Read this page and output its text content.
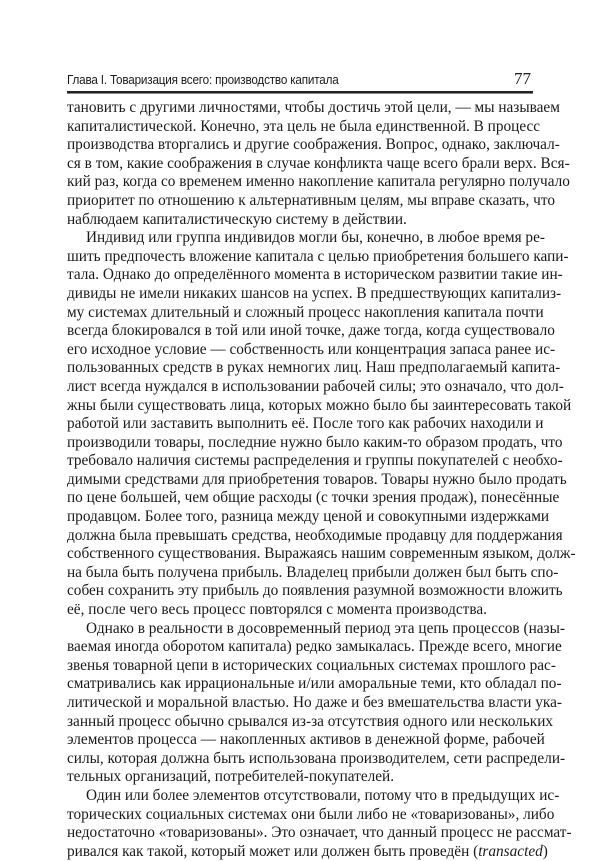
Глава I. Товаризация всего: производство капитала	77
тановить с другими личностями, чтобы достичь этой цели, — мы называем
капиталистической. Конечно, эта цель не была единственной. В процесс
производства вторгались и другие соображения. Вопрос, однако, заключал-
ся в том, какие соображения в случае конфликта чаще всего брали верх. Вся-
кий раз, когда со временем именно накопление капитала регулярно получало
приоритет по отношению к альтернативным целям, мы вправе сказать, что
наблюдаем капиталистическую систему в действии.
Индивид или группа индивидов могли бы, конечно, в любое время ре-
шить предпочесть вложение капитала с целью приобретения большего капи-
тала. Однако до определённого момента в историческом развитии такие ин-
дивиды не имели никаких шансов на успех. В предшествующих капитализ-
му системах длительный и сложный процесс накопления капитала почти
всегда блокировался в той или иной точке, даже тогда, когда существовало
его исходное условие — собственность или концентрация запаса ранее ис-
пользованных средств в руках немногих лиц. Наш предполагаемый капита-
лист всегда нуждался в использовании рабочей силы; это означало, что дол-
жны были существовать лица, которых можно было бы заинтересовать такой
работой или заставить выполнить её. После того как рабочих находили и
производили товары, последние нужно было каким-то образом продать, что
требовало наличия системы распределения и группы покупателей с необхо-
димыми средствами для приобретения товаров. Товары нужно было продать
по цене большей, чем общие расходы (с точки зрения продаж), понесённые
продавцом. Более того, разница между ценой и совокупными издержками
должна была превышать средства, необходимые продавцу для поддержания
собственного существования. Выражаясь нашим современным языком, долж-
на была быть получена прибыль. Владелец прибыли должен был быть спо-
собен сохранить эту прибыль до появления разумной возможности вложить
её, после чего весь процесс повторялся с момента производства.
Однако в реальности в досовременный период эта цепь процессов (назы-
ваемая иногда оборотом капитала) редко замыкалась. Прежде всего, многие
звенья товарной цепи в исторических социальных системах прошлого рас-
сматривались как иррациональные и/или аморальные теми, кто обладал по-
литической и моральной властью. Но даже и без вмешательства власти ука-
занный процесс обычно срывался из-за отсутствия одного или нескольких
элементов процесса — накопленных активов в денежной форме, рабочей
силы, которая должна быть использована производителем, сети распредели-
тельных организаций, потребителей-покупателей.
Один или более элементов отсутствовали, потому что в предыдущих ис-
торических социальных системах они были либо не «товаризованы», либо
недостаточно «товаризованы». Это означает, что данный процесс не рассмат-
ривался как такой, который может или должен быть проведён (transacted)
